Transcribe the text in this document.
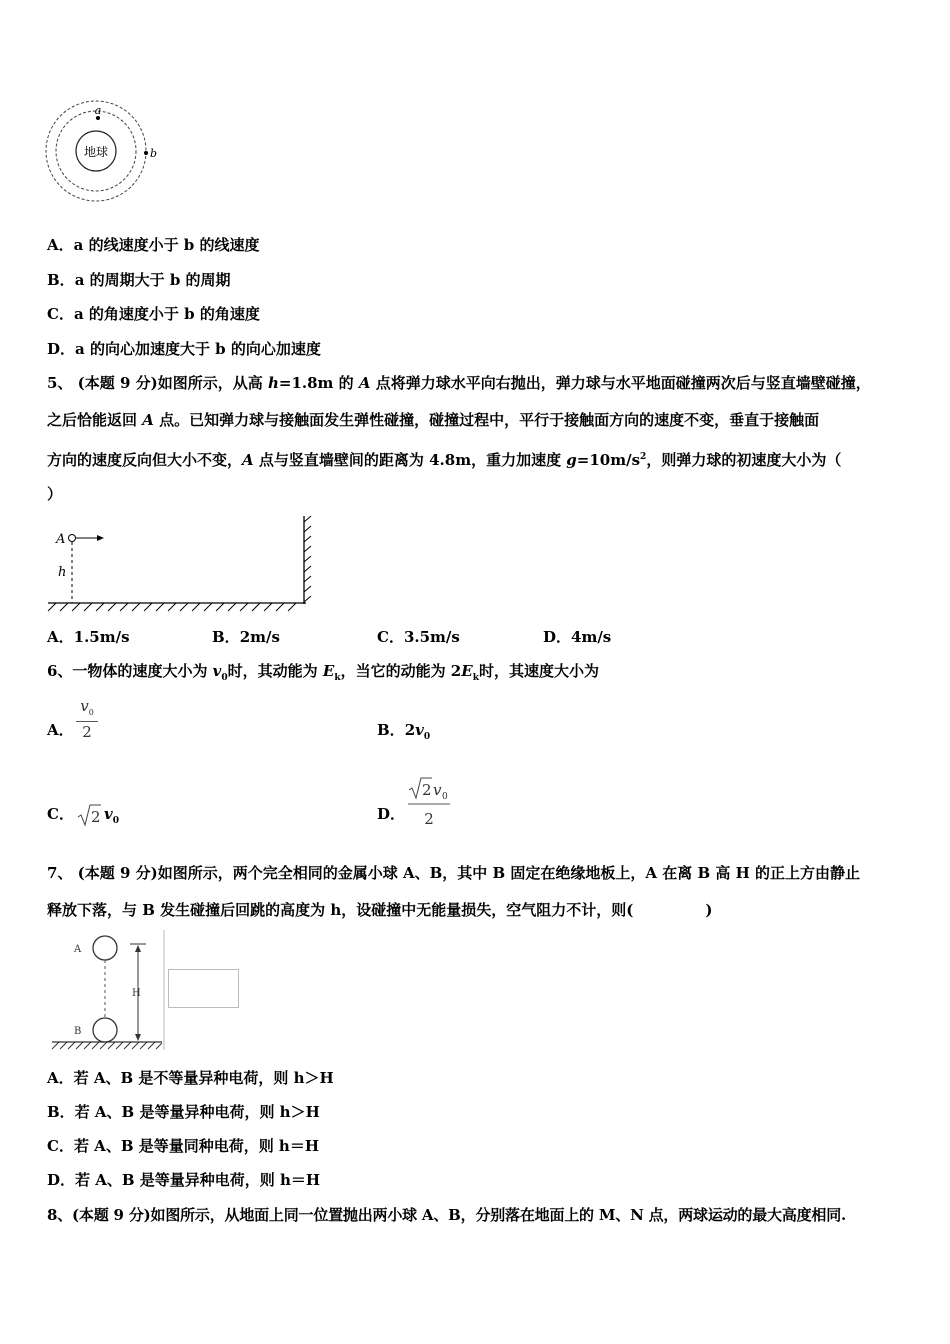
地球
a
b
A．a 的线速度小于 b 的线速度
B．a 的周期大于 b 的周期
C．a 的角速度小于 b 的角速度
D．a 的向心加速度大于 b 的向心加速度
5、 (本题 9 分)如图所示，从高 h=1.8m 的 A 点将弹力球水平向右抛出，弹力球与水平地面碰撞两次后与竖直墙壁碰撞，
之后恰能返回 A 点。已知弹力球与接触面发生弹性碰撞，碰撞过程中，平行于接触面方向的速度不变，垂直于接触面
方向的速度反向但大小不变，A 点与竖直墙壁间的距离为 4.8m，重力加速度 $g=10m/s^2$，则弹力球的初速度大小为（
）
A
h
A．1.5m/s	B．2m/s	C．3.5m/s	D．4m/s
6、一物体的速度大小为 $v_0$时，其动能为 $E_k$，当它的动能为 $2E_k$时，其速度大小为
A． $\frac{v_0}{2}$	B．$2v_0$
C． 2 $v_0$	D．
2 v 0
2
7、 (本题 9 分)如图所示，两个完全相同的金属小球 A、B，其中 B 固定在绝缘地板上，A 在离 B 高 H 的正上方由静止
释放下落，与 B 发生碰撞后回跳的高度为 h，设碰撞中无能量损失，空气阻力不计，则(	)
A
B
H
A．若 A、B 是不等量异种电荷，则 h＞H
B．若 A、B 是等量异种电荷，则 h＞H
C．若 A、B 是等量同种电荷，则 h＝H
D．若 A、B 是等量异种电荷，则 h＝H
8、(本题 9 分)如图所示，从地面上同一位置抛出两小球 A、B，分别落在地面上的 M、N 点，两球运动的最大高度相同.
